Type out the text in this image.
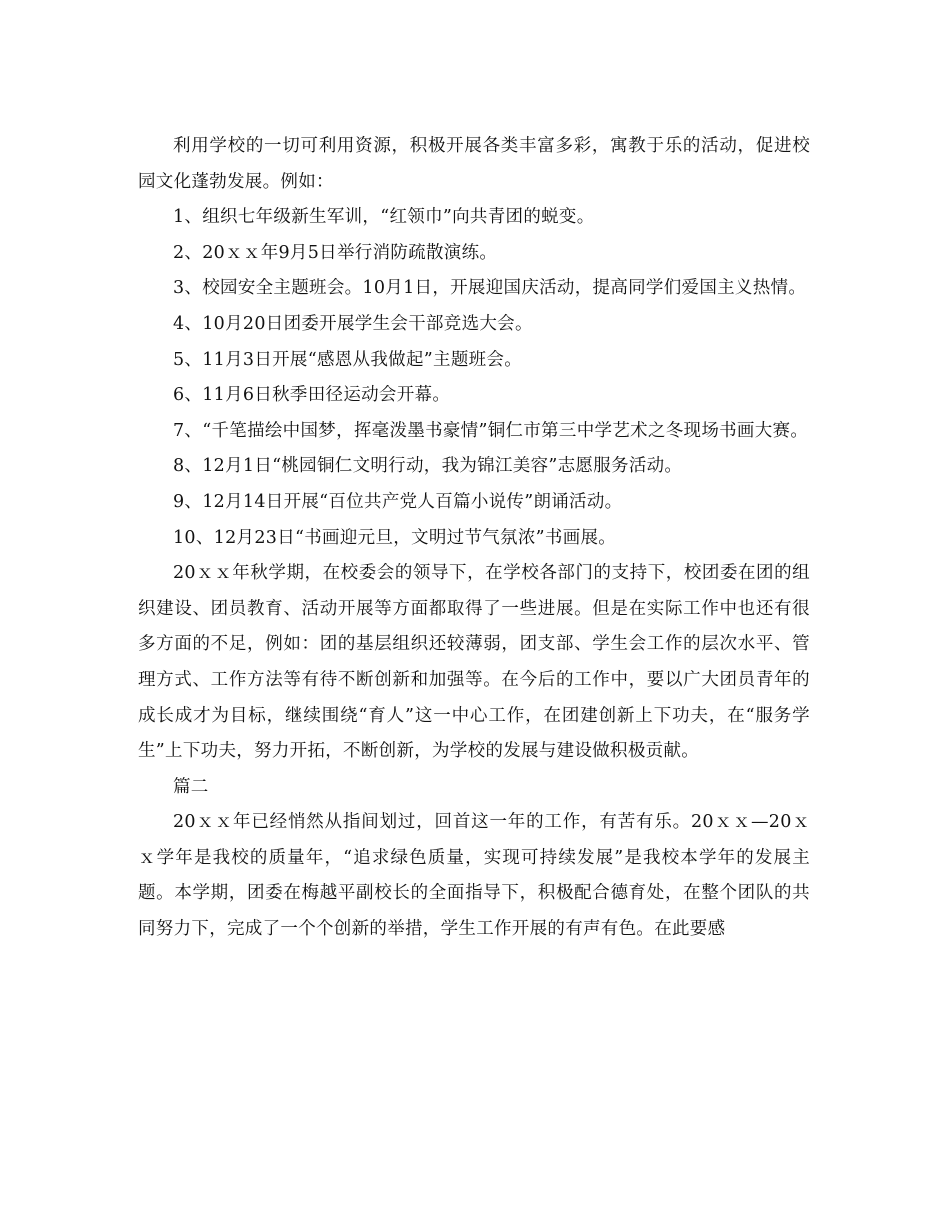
利用学校的一切可利用资源，积极开展各类丰富多彩，寓教于乐的活动，促进校园文化蓬勃发展。例如：

1、组织七年级新生军训，“红领巾”向共青团的蜕变。

2、20ｘｘ年9月5日举行消防疏散演练。

3、校园安全主题班会。10月1日，开展迎国庆活动，提高同学们爱国主义热情。

4、10月20日团委开展学生会干部竞选大会。

5、11月3日开展“感恩从我做起”主题班会。

6、11月6日秋季田径运动会开幕。

7、“千笔描绘中国梦，挥毫泼墨书豪情”铜仁市第三中学艺术之冬现场书画大赛。

8、12月1日“桃园铜仁文明行动，我为锦江美容”志愿服务活动。

9、12月14日开展“百位共产党人百篇小说传”朗诵活动。

10、12月23日“书画迎元旦，文明过节气氛浓”书画展。

20ｘｘ年秋学期，在校委会的领导下，在学校各部门的支持下，校团委在团的组织建设、团员教育、活动开展等方面都取得了一些进展。但是在实际工作中也还有很多方面的不足，例如：团的基层组织还较薄弱，团支部、学生会工作的层次水平、管理方式、工作方法等有待不断创新和加强等。在今后的工作中，要以广大团员青年的成长成才为目标，继续围绕“育人”这一中心工作，在团建创新上下功夫，在“服务学生”上下功夫，努力开拓，不断创新，为学校的发展与建设做积极贡献。

篇二

20ｘｘ年已经悄然从指间划过，回首这一年的工作，有苦有乐。20ｘｘ—20ｘｘ学年是我校的质量年，“追求绿色质量，实现可持续发展”是我校本学年的发展主题。本学期，团委在梅越平副校长的全面指导下，积极配合德育处，在整个团队的共同努力下，完成了一个个创新的举措，学生工作开展的有声有色。在此要感
